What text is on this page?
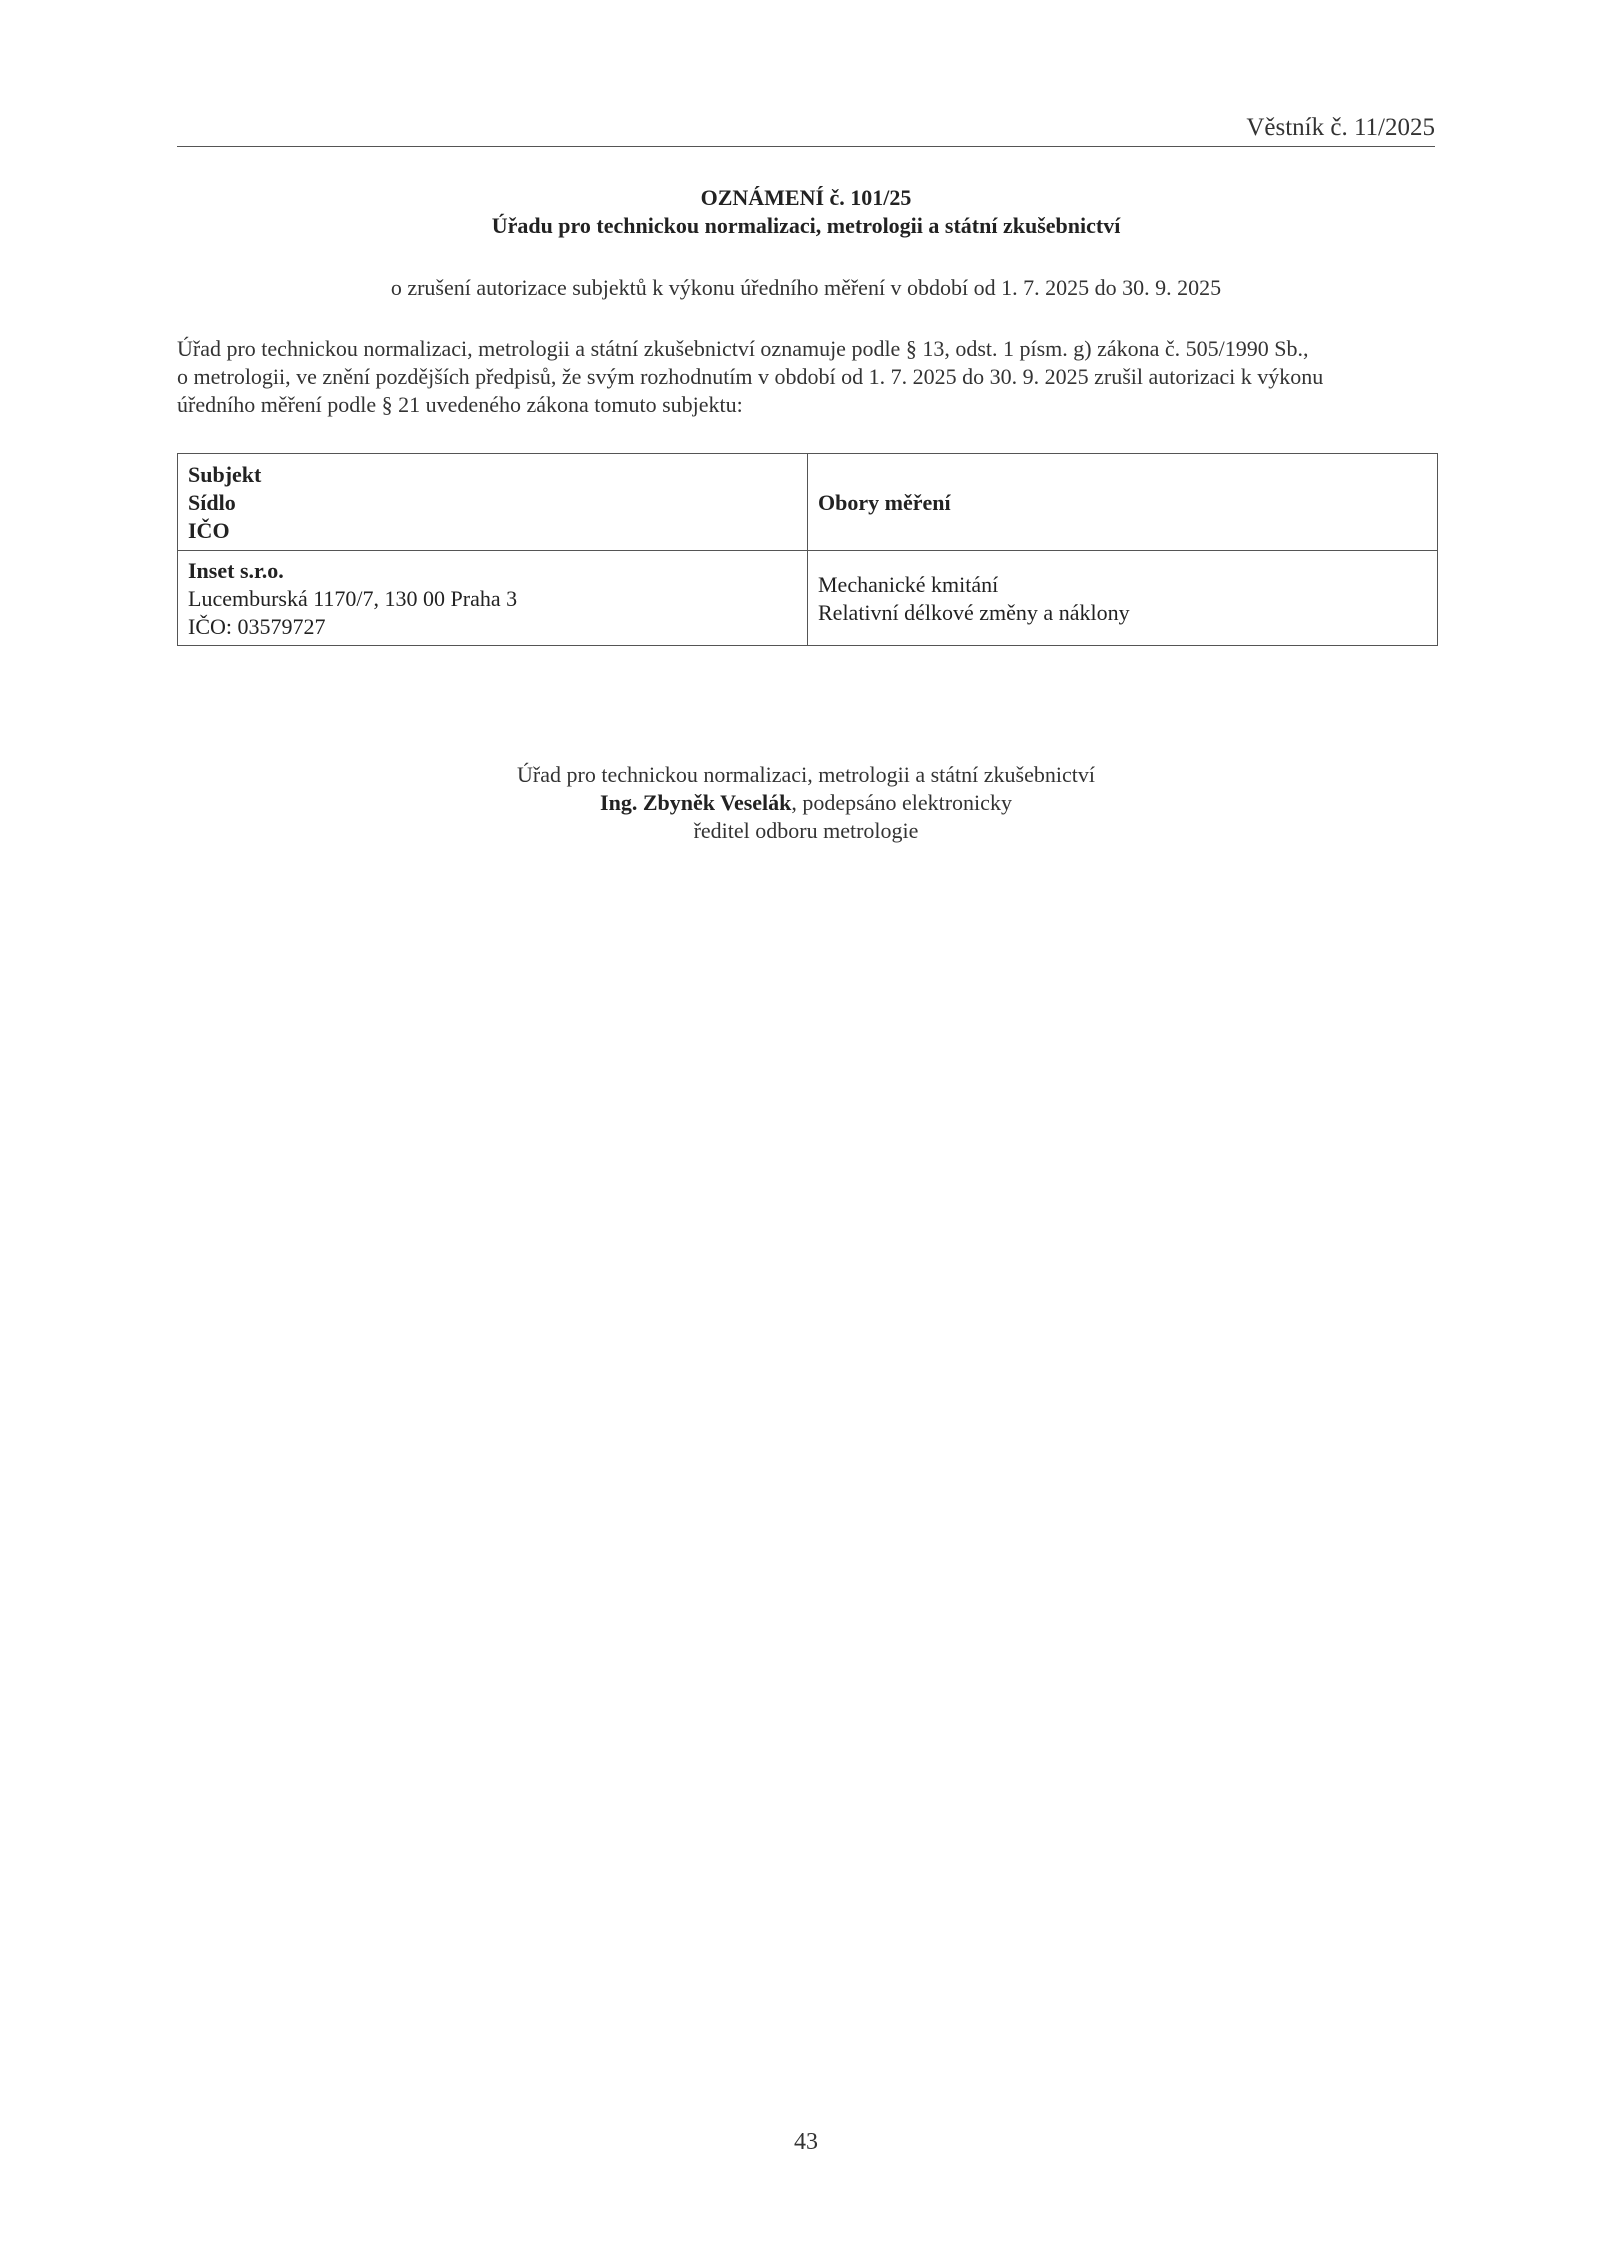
Věstník č. 11/2025
OZNÁMENÍ č. 101/25
Úřadu pro technickou normalizaci, metrologii a státní zkušebnictví
o zrušení autorizace subjektů k výkonu úředního měření v období od 1. 7. 2025 do 30. 9. 2025

Úřad pro technickou normalizaci, metrologii a státní zkušebnictví oznamuje podle § 13, odst. 1 písm. g) zákona č. 505/1990 Sb.,

o metrologii, ve znění pozdějších předpisů, že svým rozhodnutím v období od 1. 7. 2025 do 30. 9. 2025 zrušil autorizaci k výkonu

úředního měření podle § 21 uvedeného zákona tomuto subjektu:

Subjekt
Sídlo
IČO	Obory měření

Inset s.r.o.
Lucemburská 1170/7, 130 00 Praha 3
IČO: 03579727	Mechanické kmitání
Relativní délkové změny a náklony
Úřad pro technickou normalizaci, metrologii a státní zkušebnictví
Ing. Zbyněk Veselák, podepsáno elektronicky
ředitel odboru metrologie
43
